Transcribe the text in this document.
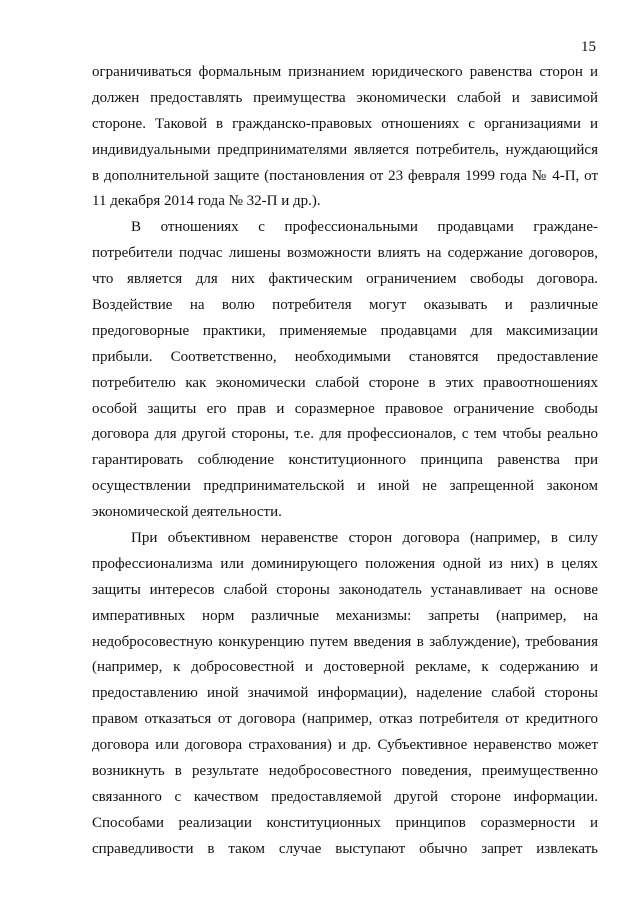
15
ограничиваться формальным признанием юридического равенства сторон и
должен предоставлять преимущества экономически слабой и зависимой
стороне. Таковой в гражданско-правовых отношениях с организациями и
индивидуальными предпринимателями является потребитель, нуждающийся
в дополнительной защите (постановления от 23 февраля 1999 года № 4-П, от
11 декабря 2014 года № 32-П и др.).
В отношениях с профессиональными продавцами граждане-
потребители подчас лишены возможности влиять на содержание договоров,
что является для них фактическим ограничением свободы договора.
Воздействие на волю потребителя могут оказывать и различные
предоговорные практики, применяемые продавцами для максимизации
прибыли. Соответственно, необходимыми становятся предоставление
потребителю как экономически слабой стороне в этих правоотношениях
особой защиты его прав и соразмерное правовое ограничение свободы
договора для другой стороны, т.е. для профессионалов, с тем чтобы реально
гарантировать соблюдение конституционного принципа равенства при
осуществлении предпринимательской и иной не запрещенной законом
экономической деятельности.
При объективном неравенстве сторон договора (например, в силу
профессионализма или доминирующего положения одной из них) в целях
защиты интересов слабой стороны законодатель устанавливает на основе
императивных норм различные механизмы: запреты (например, на
недобросовестную конкуренцию путем введения в заблуждение), требования
(например, к добросовестной и достоверной рекламе, к содержанию и
предоставлению иной значимой информации), наделение слабой стороны
правом отказаться от договора (например, отказ потребителя от кредитного
договора или договора страхования) и др. Субъективное неравенство может
возникнуть в результате недобросовестного поведения, преимущественно
связанного с качеством предоставляемой другой стороне информации.
Способами реализации конституционных принципов соразмерности и
справедливости в таком случае выступают обычно запрет извлекать
